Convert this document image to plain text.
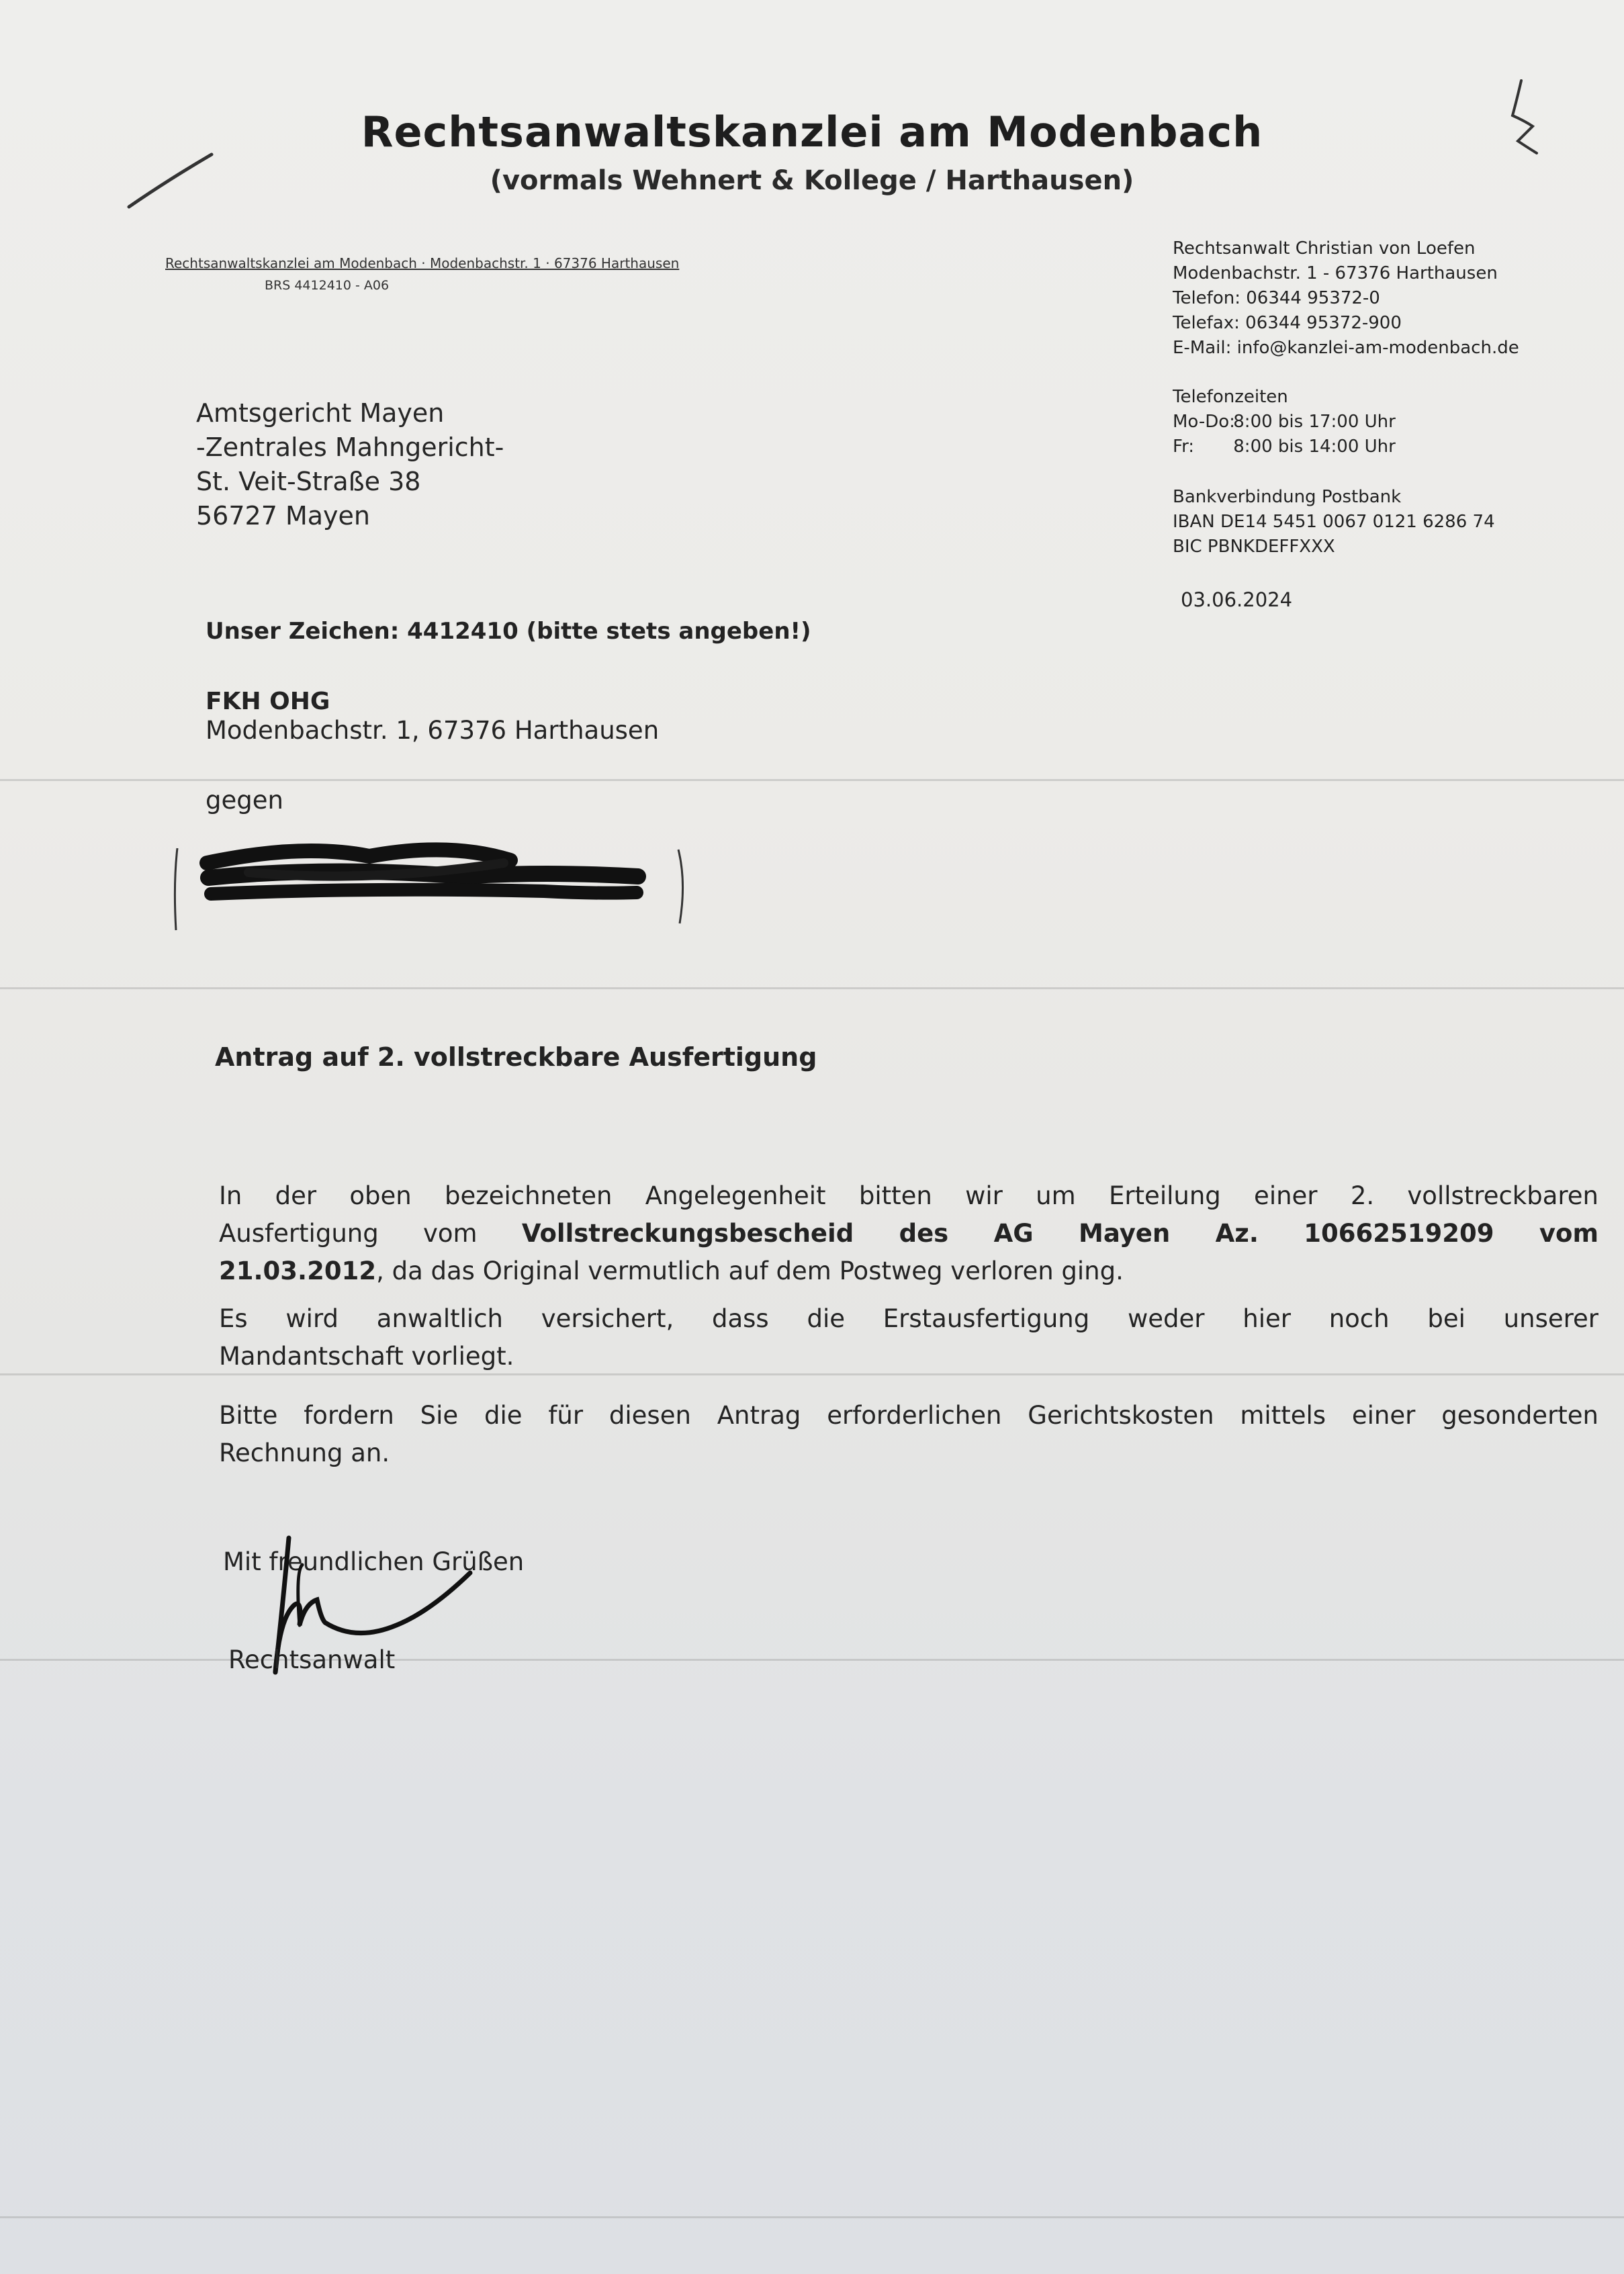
Rechtsanwaltskanzlei am Modenbach
(vormals Wehnert & Kollege / Harthausen)
Rechtsanwaltskanzlei am Modenbach · Modenbachstr. 1 · 67376 Harthausen
BRS 4412410 - A06
Rechtsanwalt Christian von Loefen
Modenbachstr. 1 - 67376 Harthausen
Telefon: 06344 95372-0
Telefax: 06344 95372-900
E-Mail: info@kanzlei-am-modenbach.de
Telefonzeiten
Mo-Do: 8:00 bis 17:00 Uhr
Fr: 8:00 bis 14:00 Uhr
Bankverbindung Postbank
IBAN DE14 5451 0067 0121 6286 74
BIC PBNKDEFFXXX
03.06.2024
Amtsgericht Mayen
-Zentrales Mahngericht-
St. Veit-Straße 38
56727 Mayen
Unser Zeichen: 4412410 (bitte stets angeben!)
FKH OHG
Modenbachstr. 1, 67376 Harthausen
gegen
Antrag auf 2. vollstreckbare Ausfertigung
In der oben bezeichneten Angelegenheit bitten wir um Erteilung einer 2. vollstreckbaren
Ausfertigung vom Vollstreckungsbescheid des AG Mayen Az. 10662519209 vom
21.03.2012, da das Original vermutlich auf dem Postweg verloren ging.
Es wird anwaltlich versichert, dass die Erstausfertigung weder hier noch bei unserer
Mandantschaft vorliegt.
Bitte fordern Sie die für diesen Antrag erforderlichen Gerichtskosten mittels einer gesonderten
Rechnung an.
Mit freundlichen Grüßen
Rechtsanwalt
